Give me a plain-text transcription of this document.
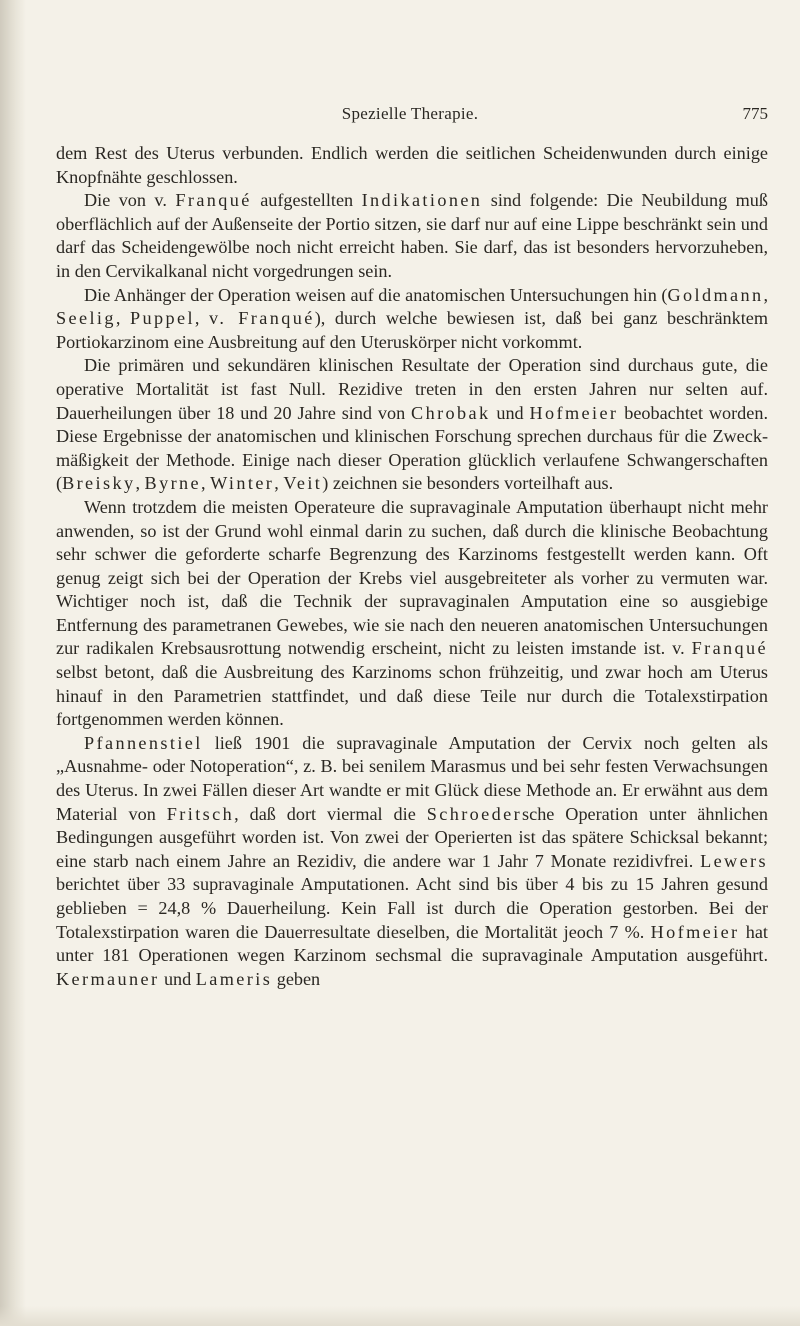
Spezielle Therapie.	775

dem Rest des Uterus verbunden. Endlich werden die seitlichen Scheidenwunden durch einige Knopfnähte geschlossen.

Die von v. Franqué aufgestellten Indikationen sind folgende: Die Neubildung muß oberflächlich auf der Außenseite der Portio sitzen, sie darf nur auf eine Lippe beschränkt sein und darf das Scheidengewölbe noch nicht erreicht haben. Sie darf, das ist besonders hervorzuheben, in den Cervikalkanal nicht vorgedrungen sein.

Die Anhänger der Operation weisen auf die anatomischen Untersuchungen hin (Goldmann, Seelig, Puppel, v. Franqué), durch welche bewiesen ist, daß bei ganz beschränktem Portiokarzinom eine Ausbreitung auf den Uteruskörper nicht vorkommt.

Die primären und sekundären klinischen Resultate der Operation sind durchaus gute, die operative Mortalität ist fast Null. Rezidive treten in den ersten Jahren nur selten auf. Dauerheilungen über 18 und 20 Jahre sind von Chrobak und Hofmeier beobachtet worden. Diese Ergebnisse der anatomischen und klinischen Forschung sprechen durchaus für die Zweckmäßigkeit der Methode. Einige nach dieser Operation glücklich verlaufene Schwangerschaften (Breisky, Byrne, Winter, Veit) zeichnen sie besonders vorteilhaft aus.

Wenn trotzdem die meisten Operateure die supravaginale Amputation überhaupt nicht mehr anwenden, so ist der Grund wohl einmal darin zu suchen, daß durch die klinische Beobachtung sehr schwer die geforderte scharfe Begrenzung des Karzinoms festgestellt werden kann. Oft genug zeigt sich bei der Operation der Krebs viel ausgebreiteter als vorher zu vermuten war. Wichtiger noch ist, daß die Technik der supravaginalen Amputation eine so ausgiebige Entfernung des parametranen Gewebes, wie sie nach den neueren anatomischen Untersuchungen zur radikalen Krebsausrottung notwendig erscheint, nicht zu leisten imstande ist. v. Franqué selbst betont, daß die Ausbreitung des Karzinoms schon frühzeitig, und zwar hoch am Uterus hinauf in den Parametrien stattfindet, und daß diese Teile nur durch die Totalexstirpation fortgenommen werden können.

Pfannenstiel ließ 1901 die supravaginale Amputation der Cervix noch gelten als „Ausnahme- oder Notoperation“, z. B. bei senilem Marasmus und bei sehr festen Verwachsungen des Uterus. In zwei Fällen dieser Art wandte er mit Glück diese Methode an. Er erwähnt aus dem Material von Fritsch, daß dort viermal die Schroedersche Operation unter ähnlichen Bedingungen ausgeführt worden ist. Von zwei der Operierten ist das spätere Schicksal bekannt; eine starb nach einem Jahre an Rezidiv, die andere war 1 Jahr 7 Monate rezidivfrei. Lewers berichtet über 33 supravaginale Amputationen. Acht sind bis über 4 bis zu 15 Jahren gesund geblieben = 24,8 % Dauerheilung. Kein Fall ist durch die Operation gestorben. Bei der Totalexstirpation waren die Dauerresultate dieselben, die Mortalität jeoch 7 %. Hofmeier hat unter 181 Operationen wegen Karzinom sechsmal die supravaginale Amputation ausgeführt. Kermauner und Lameris geben
